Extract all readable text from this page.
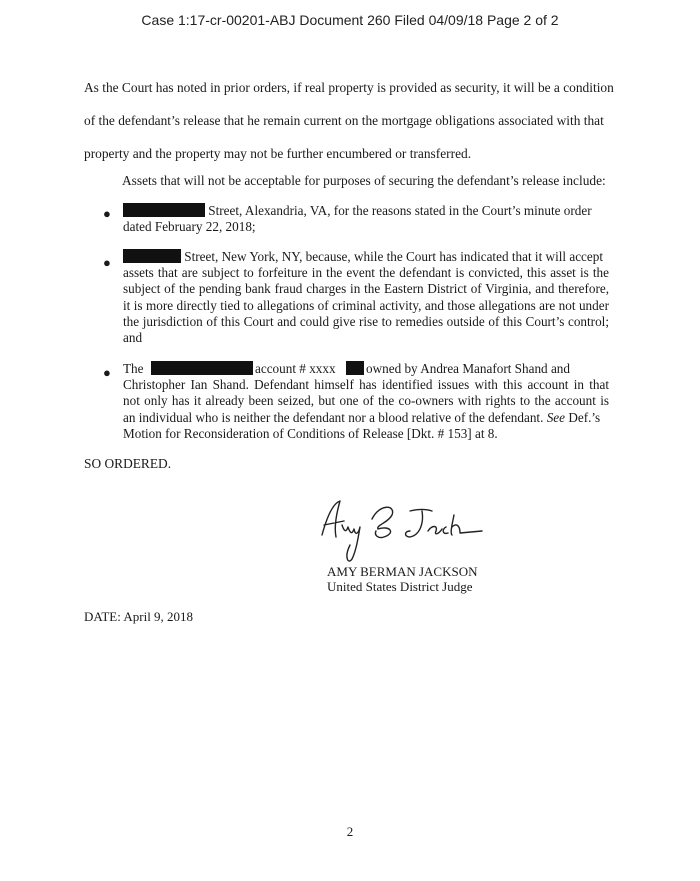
Case 1:17-cr-00201-ABJ Document 260 Filed 04/09/18 Page 2 of 2
As the Court has noted in prior orders, if real property is provided as security, it will be a condition
of the defendant’s release that he remain current on the mortgage obligations associated with that
property and the property may not be further encumbered or transferred.
Assets that will not be acceptable for purposes of securing the defendant’s release include:
●	Street, Alexandria, VA, for the reasons stated in the Court’s minute order
dated February 22, 2018;
●	Street, New York, NY, because, while the Court has indicated that it will accept
assets that are subject to forfeiture in the event the defendant is convicted, this asset is the
subject of the pending bank fraud charges in the Eastern District of Virginia, and therefore,
it is more directly tied to allegations of criminal activity, and those allegations are not under
the jurisdiction of this Court and could give rise to remedies outside of this Court’s control;
and
● The	account # xxxx owned by Andrea Manafort Shand and
Christopher Ian Shand. Defendant himself has identified issues with this account in that
not only has it already been seized, but one of the co-owners with rights to the account is
an individual who is neither the defendant nor a blood relative of the defendant. See Def.’s
Motion for Reconsideration of Conditions of Release [Dkt. # 153] at 8.
SO ORDERED.
AMY BERMAN JACKSON
United States District Judge
DATE: April 9, 2018
2
